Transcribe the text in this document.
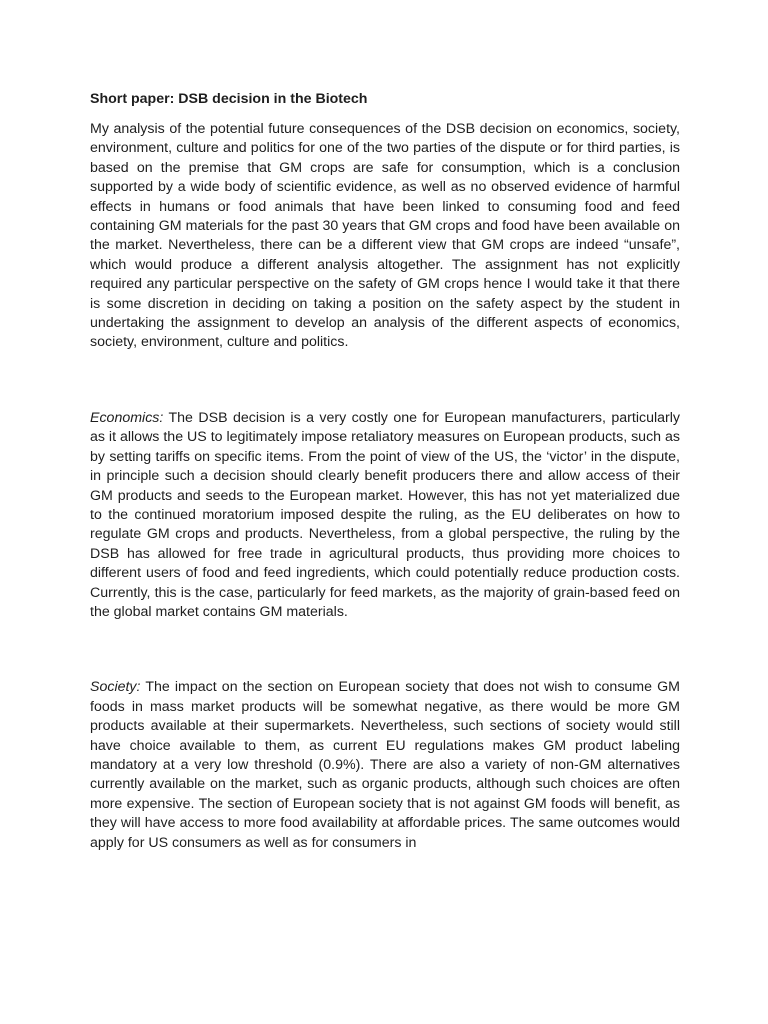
Short paper: DSB decision in the Biotech

My analysis of the potential future consequences of the DSB decision on economics, society, environment, culture and politics for one of the two parties of the dispute or for third parties, is based on the premise that GM crops are safe for consumption, which is a conclusion supported by a wide body of scientific evidence, as well as no observed evidence of harmful effects in humans or food animals that have been linked to consuming food and feed containing GM materials for the past 30 years that GM crops and food have been available on the market. Nevertheless, there can be a different view that GM crops are indeed “unsafe”, which would produce a different analysis altogether. The assignment has not explicitly required any particular perspective on the safety of GM crops hence I would take it that there is some discretion in deciding on taking a position on the safety aspect by the student in undertaking the assignment to develop an analysis of the different aspects of economics, society, environment, culture and politics.

Economics: The DSB decision is a very costly one for European manufacturers, particularly as it allows the US to legitimately impose retaliatory measures on European products, such as by setting tariffs on specific items. From the point of view of the US, the ‘victor’ in the dispute, in principle such a decision should clearly benefit producers there and allow access of their GM products and seeds to the European market. However, this has not yet materialized due to the continued moratorium imposed despite the ruling, as the EU deliberates on how to regulate GM crops and products. Nevertheless, from a global perspective, the ruling by the DSB has allowed for free trade in agricultural products, thus providing more choices to different users of food and feed ingredients, which could potentially reduce production costs. Currently, this is the case, particularly for feed markets, as the majority of grain-based feed on the global market contains GM materials.

Society: The impact on the section on European society that does not wish to consume GM foods in mass market products will be somewhat negative, as there would be more GM products available at their supermarkets. Nevertheless, such sections of society would still have choice available to them, as current EU regulations makes GM product labeling mandatory at a very low threshold (0.9%). There are also a variety of non-GM alternatives currently available on the market, such as organic products, although such choices are often more expensive. The section of European society that is not against GM foods will benefit, as they will have access to more food availability at affordable prices. The same outcomes would apply for US consumers as well as for consumers in
